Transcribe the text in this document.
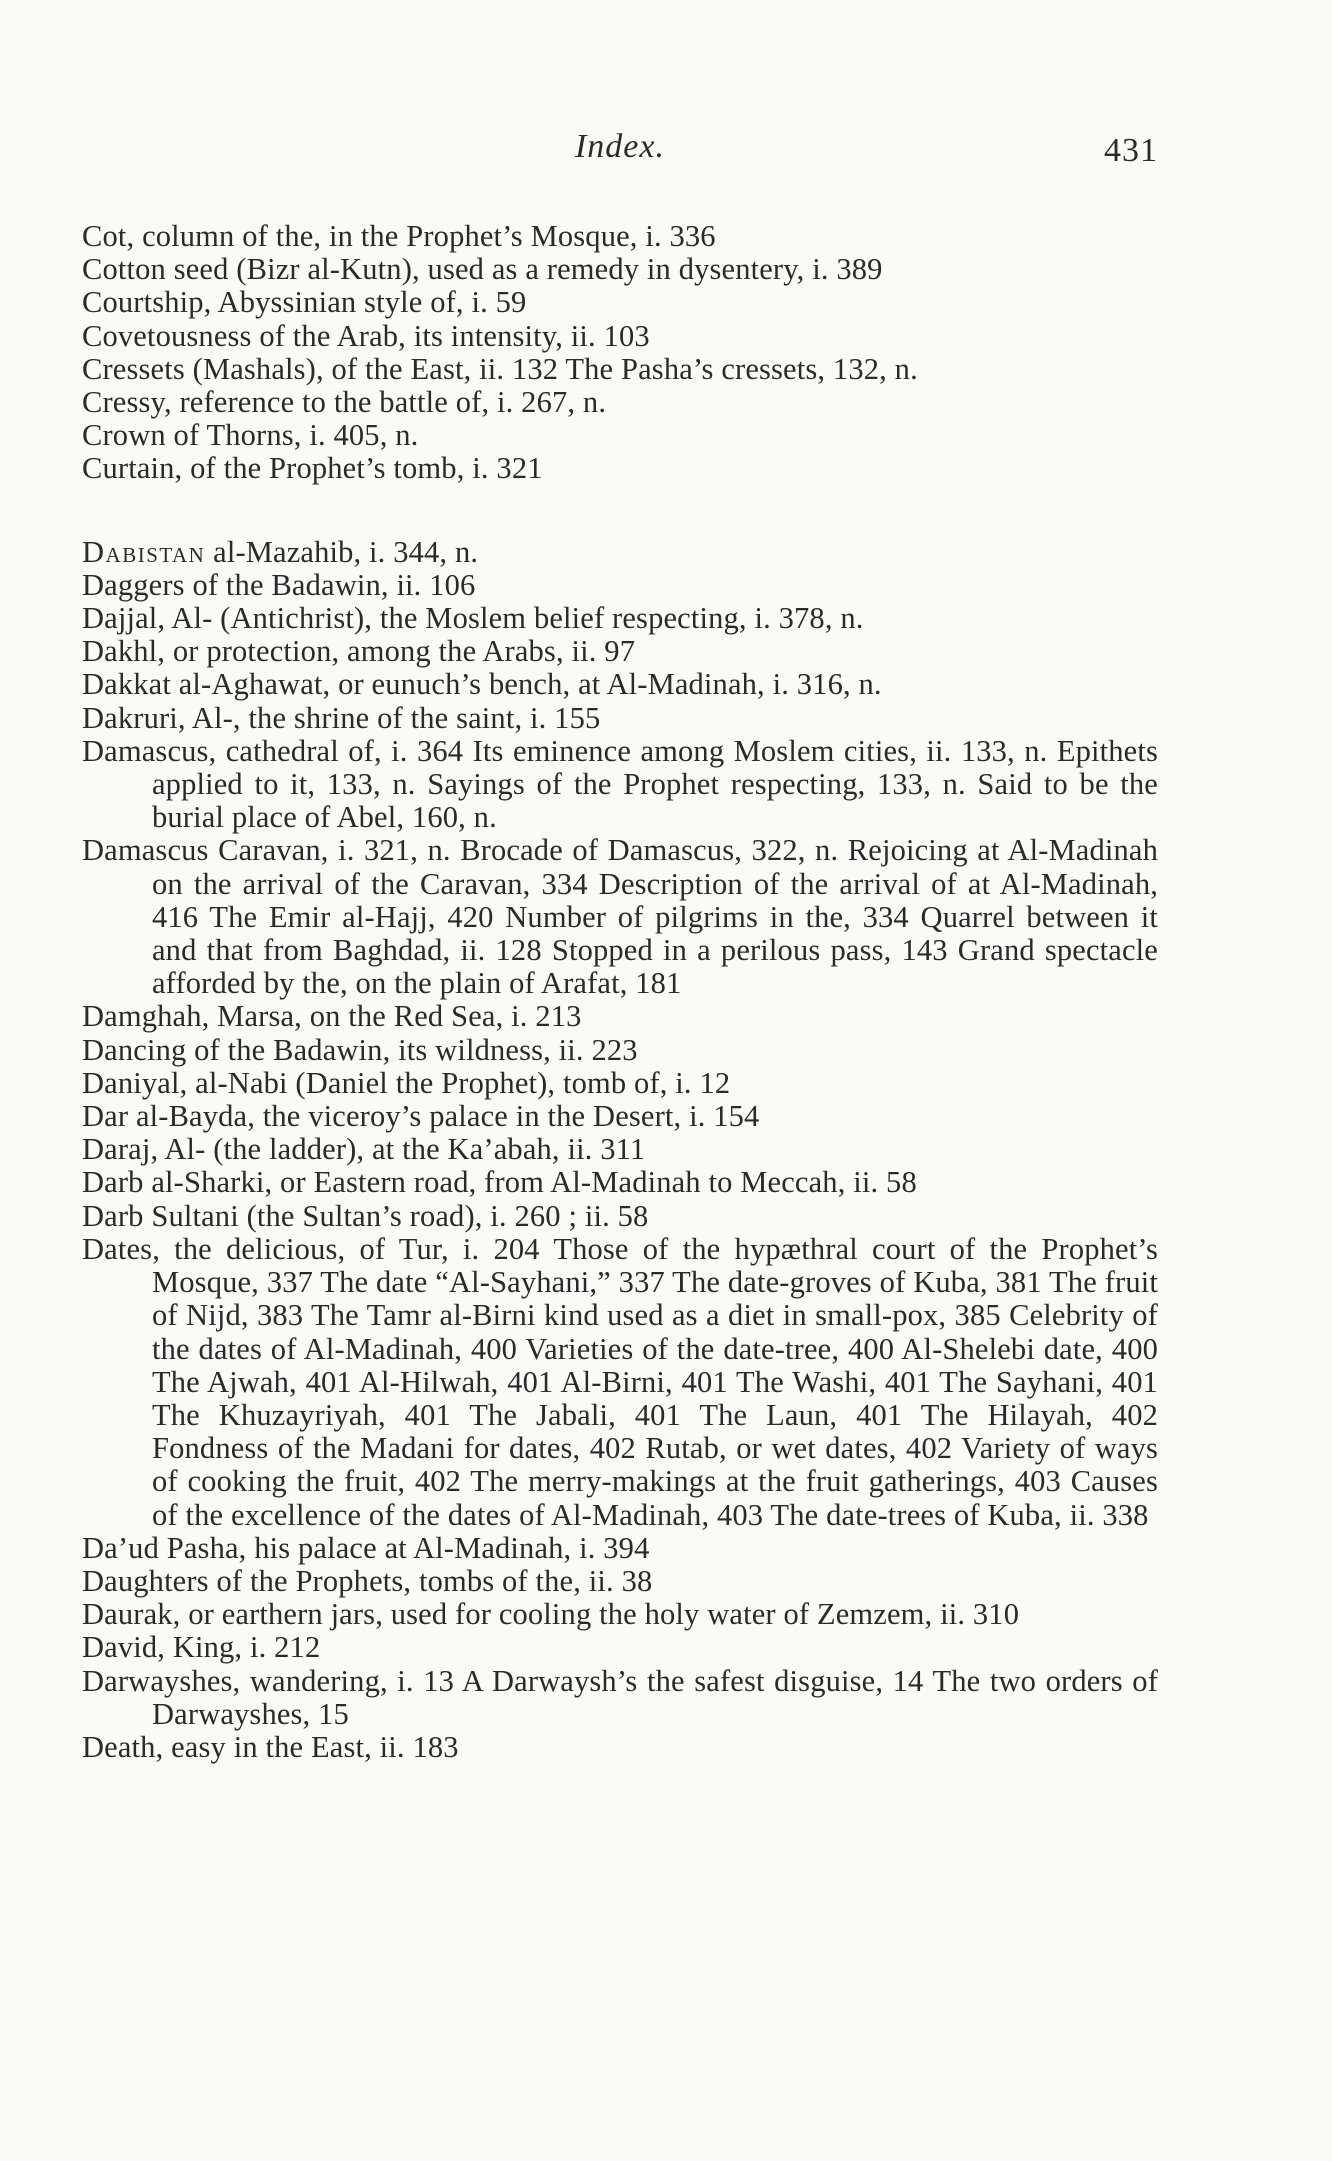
Index.	431

Cot, column of the, in the Prophet’s Mosque, i. 336

Cotton seed (Bizr al-Kutn), used as a remedy in dysentery, i. 389

Courtship, Abyssinian style of, i. 59

Covetousness of the Arab, its intensity, ii. 103

Cressets (Mashals), of the East, ii. 132 The Pasha’s cressets, 132, n.

Cressy, reference to the battle of, i. 267, n.

Crown of Thorns, i. 405, n.

Curtain, of the Prophet’s tomb, i. 321

Dabistan al-Mazahib, i. 344, n.

Daggers of the Badawin, ii. 106

Dajjal, Al- (Antichrist), the Moslem belief respecting, i. 378, n.

Dakhl, or protection, among the Arabs, ii. 97

Dakkat al-Aghawat, or eunuch’s bench, at Al-Madinah, i. 316, n.

Dakruri, Al-, the shrine of the saint, i. 155

Damascus, cathedral of, i. 364 Its eminence among Moslem cities, ii. 133, n. Epithets applied to it, 133, n. Sayings of the Prophet respecting, 133, n. Said to be the burial place of Abel, 160, n.

Damascus Caravan, i. 321, n. Brocade of Damascus, 322, n. Rejoicing at Al-Madinah on the arrival of the Caravan, 334 Description of the arrival of at Al-Madinah, 416 The Emir al-Hajj, 420 Number of pilgrims in the, 334 Quarrel between it and that from Baghdad, ii. 128 Stopped in a perilous pass, 143 Grand spectacle afforded by the, on the plain of Arafat, 181

Damghah, Marsa, on the Red Sea, i. 213

Dancing of the Badawin, its wildness, ii. 223

Daniyal, al-Nabi (Daniel the Prophet), tomb of, i. 12

Dar al-Bayda, the viceroy’s palace in the Desert, i. 154

Daraj, Al- (the ladder), at the Ka’abah, ii. 311

Darb al-Sharki, or Eastern road, from Al-Madinah to Meccah, ii. 58

Darb Sultani (the Sultan’s road), i. 260 ; ii. 58

Dates, the delicious, of Tur, i. 204 Those of the hypæthral court of the Prophet’s Mosque, 337 The date “Al-Sayhani,” 337 The date-groves of Kuba, 381 The fruit of Nijd, 383 The Tamr al-Birni kind used as a diet in small-pox, 385 Celebrity of the dates of Al-Madinah, 400 Varieties of the date-tree, 400 Al-Shelebi date, 400 The Ajwah, 401 Al-Hilwah, 401 Al-Birni, 401 The Washi, 401 The Sayhani, 401 The Khuzayriyah, 401 The Jabali, 401 The Laun, 401 The Hilayah, 402 Fondness of the Madani for dates, 402 Rutab, or wet dates, 402 Variety of ways of cooking the fruit, 402 The merry-makings at the fruit gatherings, 403 Causes of the excellence of the dates of Al-Madinah, 403 The date-trees of Kuba, ii. 338

Da’ud Pasha, his palace at Al-Madinah, i. 394

Daughters of the Prophets, tombs of the, ii. 38

Daurak, or earthern jars, used for cooling the holy water of Zemzem, ii. 310

David, King, i. 212

Darwayshes, wandering, i. 13 A Darwaysh’s the safest disguise, 14 The two orders of Darwayshes, 15

Death, easy in the East, ii. 183
